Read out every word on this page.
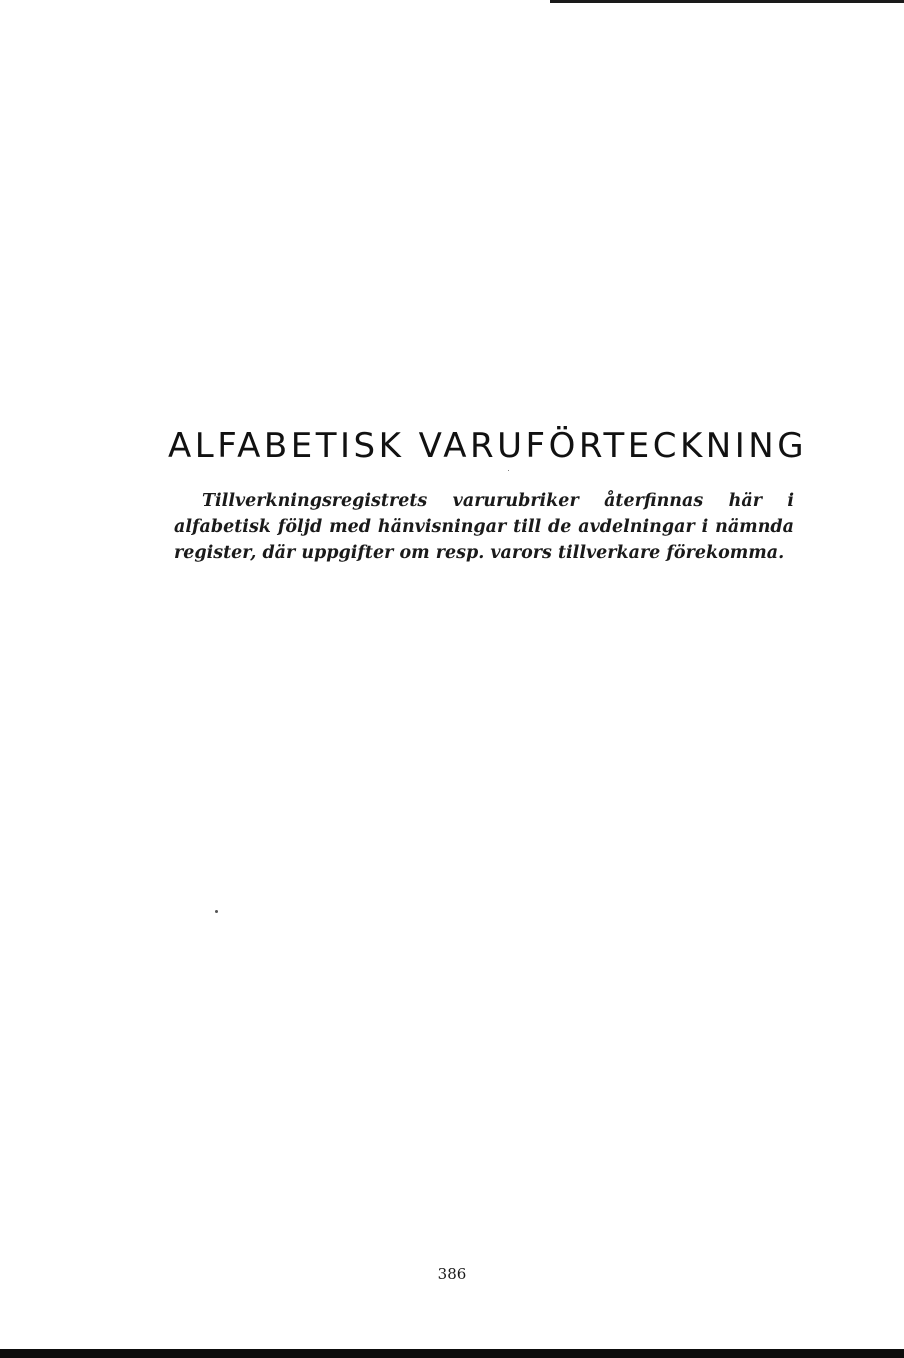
ALFABETISK VARUFÖRTECKNING

Tillverkningsregistrets varurubriker återfinnas här i alfabetisk följd med hänvisningar till de avdelningar i nämnda register, där uppgifter om resp. varors tillverkare förekomma.

386
